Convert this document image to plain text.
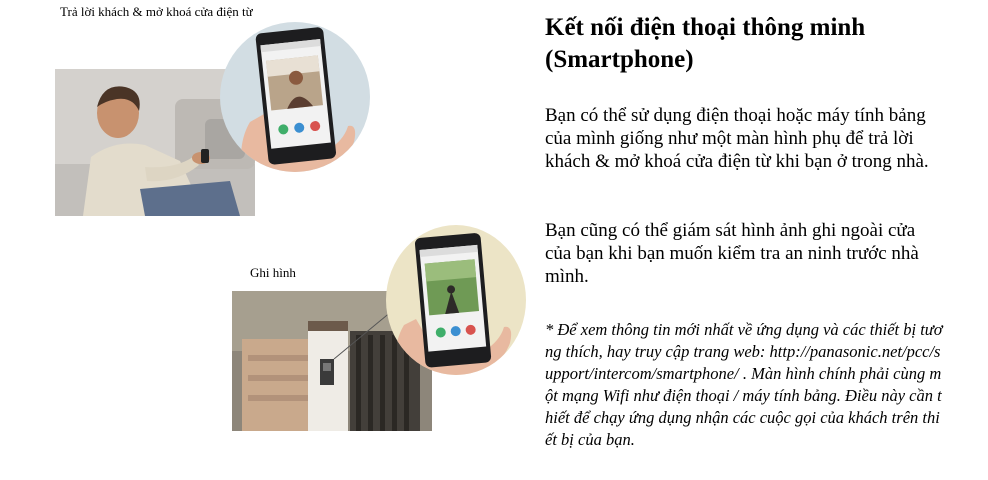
Trả lời khách & mở khoá cửa điện từ
Ghi hình
Kết nối điện thoại thông minh (Smartphone)
Bạn có thể sử dụng điện thoại hoặc máy tính bảng của mình giống như một màn hình phụ để trả lời khách & mở khoá cửa điện từ khi bạn ở trong nhà.
Bạn cũng có thể giám sát hình ảnh ghi ngoài cửa của bạn khi bạn muốn kiểm tra an ninh trước nhà mình.
* Để xem thông tin mới nhất về ứng dụng và các thiết bị tương thích, hay truy cập trang web: http://panasonic.net/pcc/support/intercom/smartphone/ . Màn hình chính phải cùng một mạng Wifi như điện thoại / máy tính bảng. Điều này cần thiết để chạy ứng dụng nhận các cuộc gọi của khách trên thiết bị của bạn.
